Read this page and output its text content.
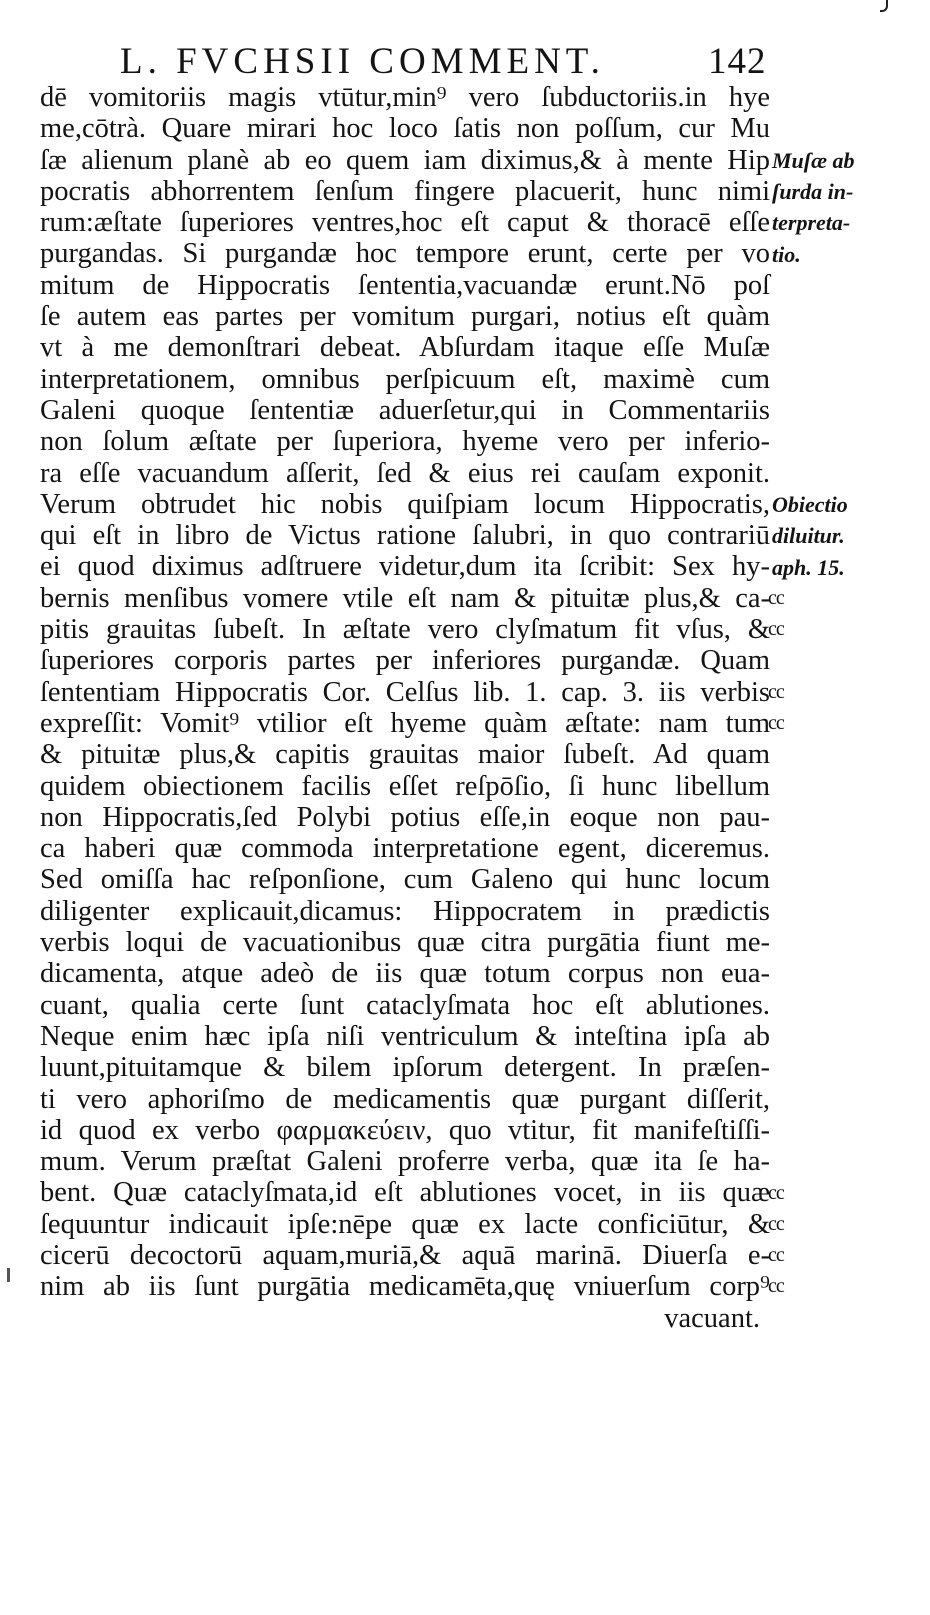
L. FVCHSII COMMENT.	142
dē vomitoriis magis vtūtur,min⁹ vero ſubductoriis.in hye
me,cōtrà. Quare mirari hoc loco ſatis non poſſum, cur Mu
ſæ alienum planè ab eo quem iam diximus,& à mente Hip
pocratis abhorrentem ſenſum fingere placuerit, hunc nimi
rum:æſtate ſuperiores ventres,hoc eſt caput & thoracē eſſe
purgandas. Si purgandæ hoc tempore erunt, certe per vo
mitum de Hippocratis ſententia,vacuandæ erunt.Nō poſ
ſe autem eas partes per vomitum purgari, notius eſt quàm
vt à me demonſtrari debeat. Abſurdam itaque eſſe Muſæ
interpretationem, omnibus perſpicuum eſt, maximè cum
Galeni quoque ſententiæ aduerſetur,qui in Commentariis
non ſolum æſtate per ſuperiora, hyeme vero per inferio-
ra eſſe vacuandum aſſerit, ſed & eius rei cauſam exponit.
Verum obtrudet hic nobis quiſpiam locum Hippocratis,
qui eſt in libro de Victus ratione ſalubri, in quo contrariū
ei quod diximus adſtruere videtur,dum ita ſcribit: Sex hy-
bernis menſibus vomere vtile eſt nam & pituitæ plus,& ca-
pitis grauitas ſubeſt. In æſtate vero clyſmatum fit vſus, &
ſuperiores corporis partes per inferiores purgandæ. Quam
ſententiam Hippocratis Cor. Celſus lib. 1. cap. 3. iis verbis
expreſſit: Vomit⁹ vtilior eſt hyeme quàm æſtate: nam tum
& pituitæ plus,& capitis grauitas maior ſubeſt. Ad quam
quidem obiectionem facilis eſſet reſpōſio, ſi hunc libellum
non Hippocratis,ſed Polybi potius eſſe,in eoque non pau-
ca haberi quæ commoda interpretatione egent, diceremus.
Sed omiſſa hac reſponſione, cum Galeno qui hunc locum
diligenter explicauit,dicamus: Hippocratem in prædictis
verbis loqui de vacuationibus quæ citra purgātia fiunt me-
dicamenta, atque adeò de iis quæ totum corpus non eua-
cuant, qualia certe ſunt cataclyſmata hoc eſt ablutiones.
Neque enim hæc ipſa niſi ventriculum & inteſtina ipſa ab
luunt,pituitamque & bilem ipſorum detergent. In præſen-
ti vero aphoriſmo de medicamentis quæ purgant diſſerit,
id quod ex verbo φαρμακεύειν, quo vtitur, fit manifeſtiſſi-
mum. Verum præſtat Galeni proferre verba, quæ ita ſe ha-
bent. Quæ cataclyſmata,id eſt ablutiones vocet, in iis quæ
ſequuntur indicauit ipſe:nēpe quæ ex lacte conficiūtur, &
cicerū decoctorū aquam,muriā,& aquā marinā. Diuerſa e-
nim ab iis ſunt purgātia medicamēta,quę vniuerſum corp⁹
vacuant.
Muſæ ab
ſurda in-
terpreta-
tio.
Obiectio
diluitur.
aph. 15.
cc
cc
cc
cc
cc
cc
cc
cc
